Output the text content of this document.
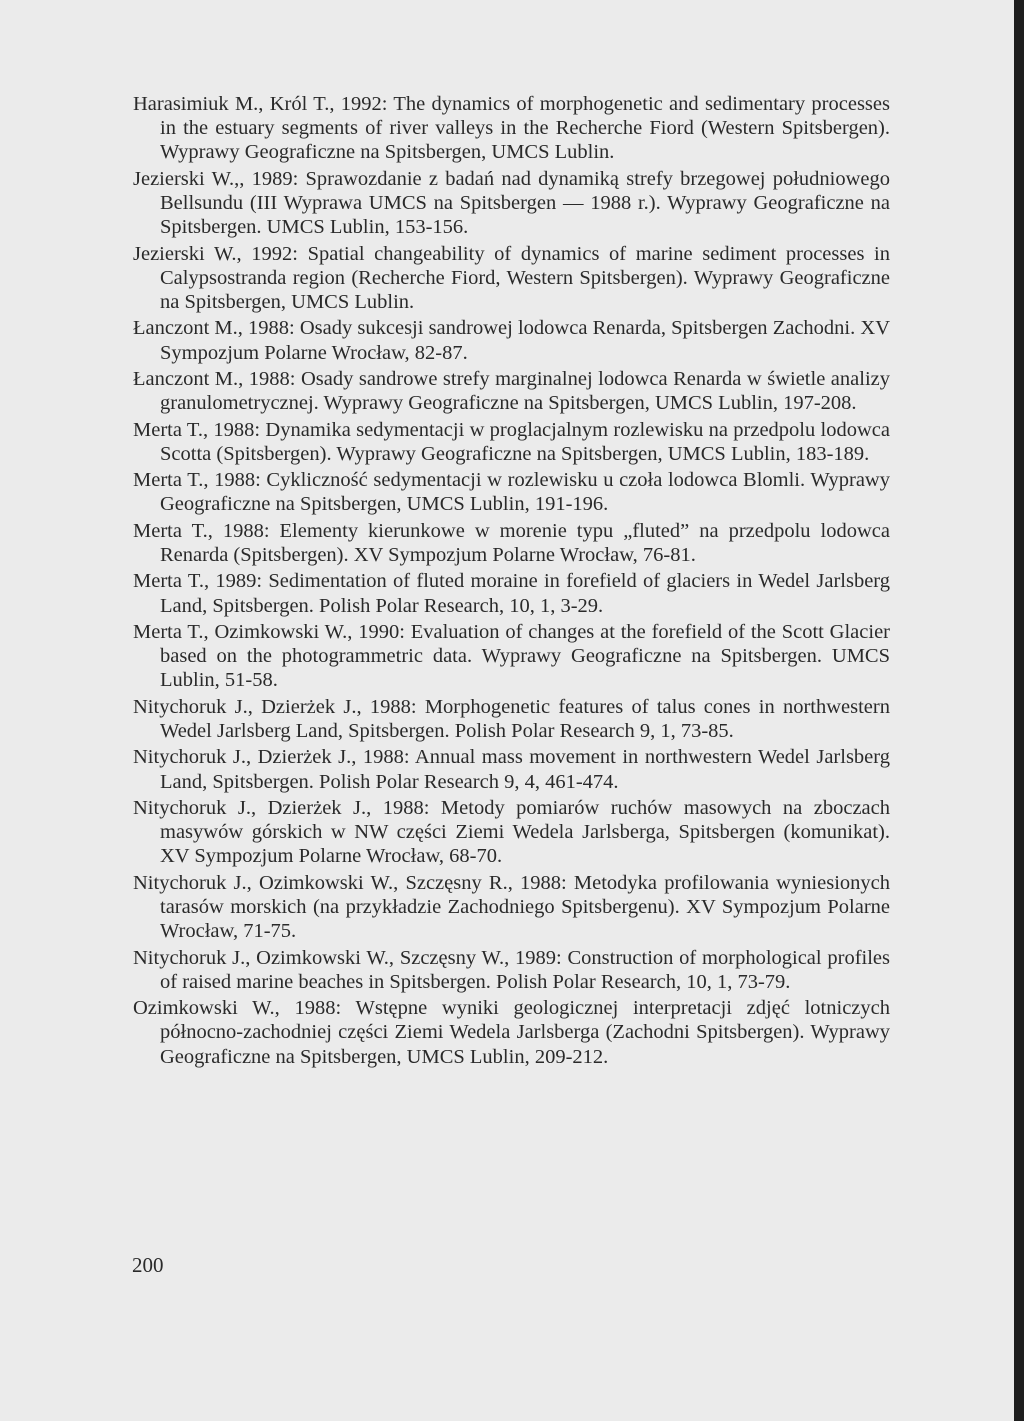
Harasimiuk M., Król T., 1992: The dynamics of morphogenetic and sedimentary processes in the estuary segments of river valleys in the Recherche Fiord (Western Spitsbergen). Wyprawy Geograficzne na Spitsbergen, UMCS Lublin.
Jezierski W.,, 1989: Sprawozdanie z badań nad dynamiką strefy brzegowej południowego Bellsundu (III Wyprawa UMCS na Spitsbergen — 1988 r.). Wyprawy Geograficzne na Spitsbergen. UMCS Lublin, 153-156.
Jezierski W., 1992: Spatial changeability of dynamics of marine sediment processes in Calypsostranda region (Recherche Fiord, Western Spitsbergen). Wyprawy Geograficzne na Spitsbergen, UMCS Lublin.
Łanczont M., 1988: Osady sukcesji sandrowej lodowca Renarda, Spitsbergen Zachodni. XV Sympozjum Polarne Wrocław, 82-87.
Łanczont M., 1988: Osady sandrowe strefy marginalnej lodowca Renarda w świetle analizy granulometrycznej. Wyprawy Geograficzne na Spitsbergen, UMCS Lublin, 197-208.
Merta T., 1988: Dynamika sedymentacji w proglacjalnym rozlewisku na przedpolu lodowca Scotta (Spitsbergen). Wyprawy Geograficzne na Spitsbergen, UMCS Lublin, 183-189.
Merta T., 1988: Cykliczność sedymentacji w rozlewisku u czoła lodowca Blomli. Wyprawy Geograficzne na Spitsbergen, UMCS Lublin, 191-196.
Merta T., 1988: Elementy kierunkowe w morenie typu „fluted” na przedpolu lodowca Renarda (Spitsbergen). XV Sympozjum Polarne Wrocław, 76-81.
Merta T., 1989: Sedimentation of fluted moraine in forefield of glaciers in Wedel Jarlsberg Land, Spitsbergen. Polish Polar Research, 10, 1, 3-29.
Merta T., Ozimkowski W., 1990: Evaluation of changes at the forefield of the Scott Glacier based on the photogrammetric data. Wyprawy Geograficzne na Spitsbergen. UMCS Lublin, 51-58.
Nitychoruk J., Dzierżek J., 1988: Morphogenetic features of talus cones in northwestern Wedel Jarlsberg Land, Spitsbergen. Polish Polar Research 9, 1, 73-85.
Nitychoruk J., Dzierżek J., 1988: Annual mass movement in northwestern Wedel Jarlsberg Land, Spitsbergen. Polish Polar Research 9, 4, 461-474.
Nitychoruk J., Dzierżek J., 1988: Metody pomiarów ruchów masowych na zboczach masywów górskich w NW części Ziemi Wedela Jarlsberga, Spitsbergen (komunikat). XV Sympozjum Polarne Wrocław, 68-70.
Nitychoruk J., Ozimkowski W., Szczęsny R., 1988: Metodyka profilowania wyniesionych tarasów morskich (na przykładzie Zachodniego Spitsbergenu). XV Sympozjum Polarne Wrocław, 71-75.
Nitychoruk J., Ozimkowski W., Szczęsny W., 1989: Construction of morphological profiles of raised marine beaches in Spitsbergen. Polish Polar Research, 10, 1, 73-79.
Ozimkowski W., 1988: Wstępne wyniki geologicznej interpretacji zdjęć lotniczych północno-zachodniej części Ziemi Wedela Jarlsberga (Zachodni Spitsbergen). Wyprawy Geograficzne na Spitsbergen, UMCS Lublin, 209-212.
200
